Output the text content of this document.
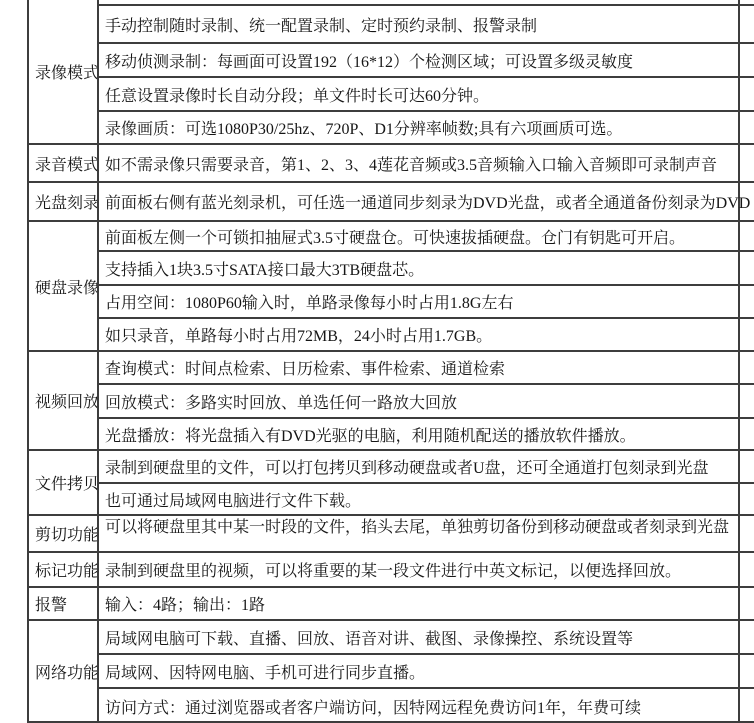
录像模式
录音模式
光盘刻录
硬盘录像
视频回放
文件拷贝
剪切功能
标记功能
报警
网络功能
手动控制随时录制、统一配置录制、定时预约录制、报警录制
移动侦测录制：每画面可设置192（16*12）个检测区域；可设置多级灵敏度
任意设置录像时长自动分段；单文件时长可达60分钟。
录像画质：可选1080P30/25hz、720P、D1分辨率帧数;具有六项画质可选。
如不需录像只需要录音，第1、2、3、4莲花音频或3.5音频输入口输入音频即可录制声音
前面板右侧有蓝光刻录机，可任选一通道同步刻录为DVD光盘，或者全通道备份刻录为DVD
前面板左侧一个可锁扣抽屉式3.5寸硬盘仓。可快速拔插硬盘。仓门有钥匙可开启。
支持插入1块3.5寸SATA接口最大3TB硬盘芯。
占用空间：1080P60输入时，单路录像每小时占用1.8G左右
如只录音，单路每小时占用72MB，24小时占用1.7GB。
查询模式：时间点检索、日历检索、事件检索、通道检索
回放模式：多路实时回放、单选任何一路放大回放
光盘播放：将光盘插入有DVD光驱的电脑，利用随机配送的播放软件播放。
录制到硬盘里的文件，可以打包拷贝到移动硬盘或者U盘，还可全通道打包刻录到光盘
也可通过局域网电脑进行文件下载。
可以将硬盘里其中某一时段的文件，掐头去尾，单独剪切备份到移动硬盘或者刻录到光盘
录制到硬盘里的视频，可以将重要的某一段文件进行中英文标记，以便选择回放。
输入：4路；输出：1路
局域网电脑可下载、直播、回放、语音对讲、截图、录像操控、系统设置等
局域网、因特网电脑、手机可进行同步直播。
访问方式：通过浏览器或者客户端访问，因特网远程免费访问1年，年费可续
